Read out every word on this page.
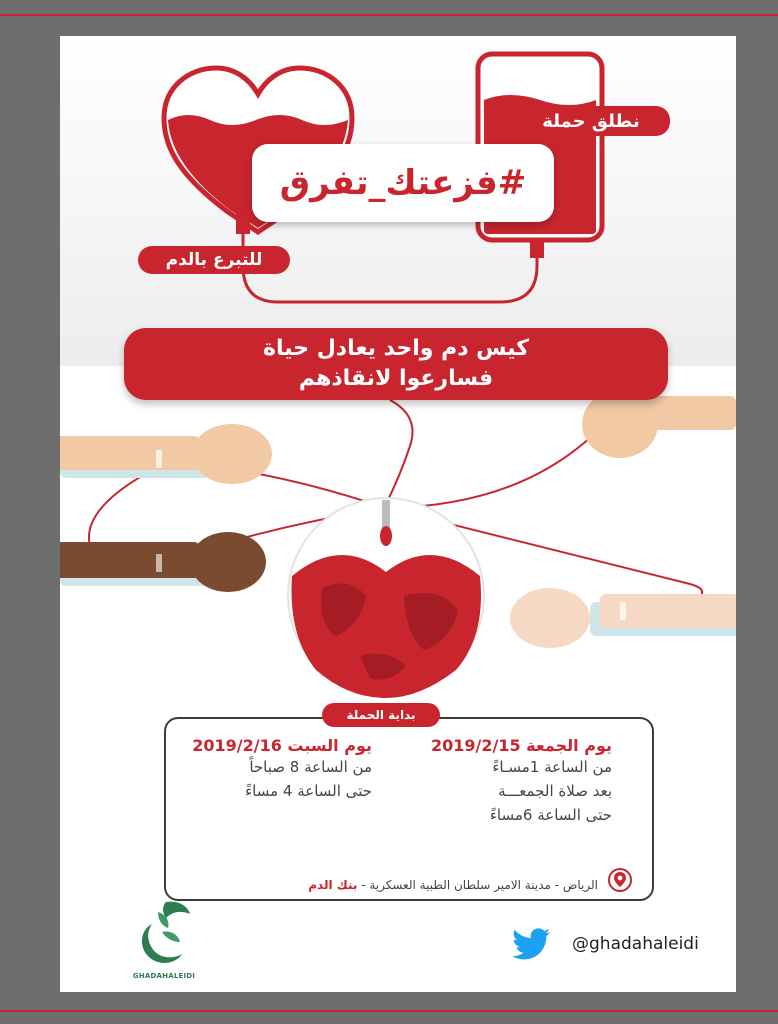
نطلق حملة
#فزعتك_تفرق
للتبرع بالدم
كيس دم واحد يعادل حياة
فسارعوا لانقاذهم
بداية الحملة
يوم الجمعة 2019/2/15
من الساعة 1مسـاءً
بعد صلاة الجمعـــة
حتى الساعة 6مساءً
يوم السبت 2019/2/16
من الساعة 8 صباحاً
حتى الساعة 4 مساءً
الرياض - مدينة الامير سلطان الطبية العسكرية - بنك الدم
@ghadahaleidi
GHADAHALEIDI
